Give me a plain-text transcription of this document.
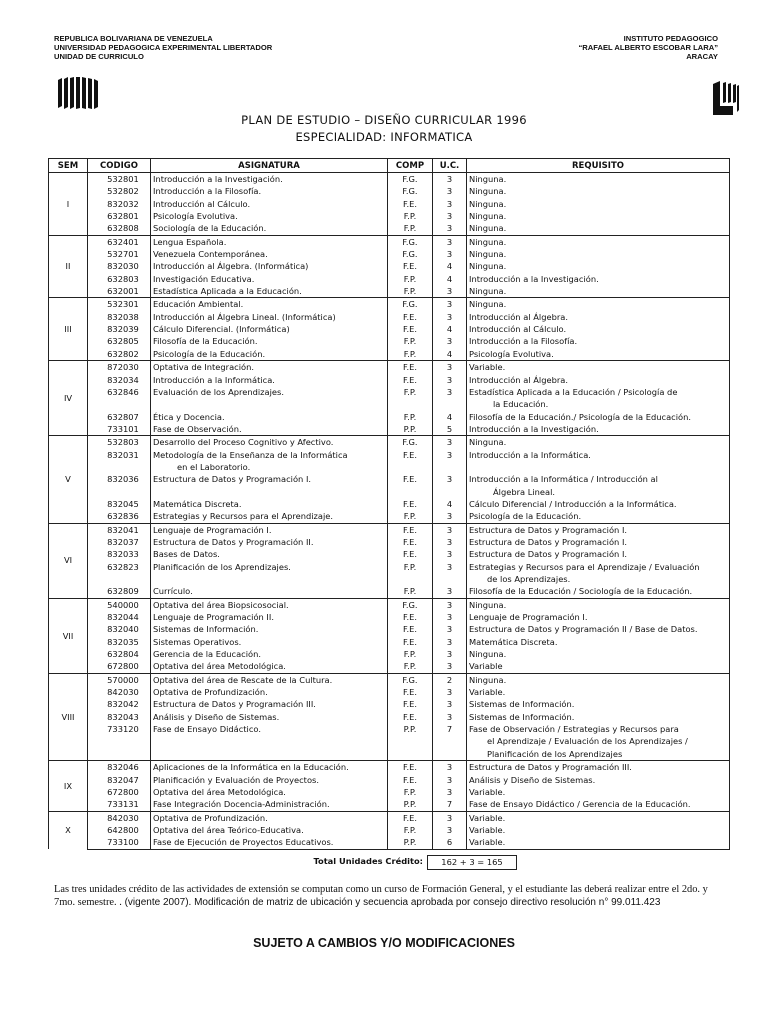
REPUBLICA BOLIVARIANA DE VENEZUELA
UNIVERSIDAD PEDAGOGICA EXPERIMENTAL LIBERTADOR
UNIDAD DE CURRICULO
INSTITUTO PEDAGOGICO
“RAFAEL ALBERTO ESCOBAR LARA”
ARACAY
PLAN DE ESTUDIO – DISEÑO CURRICULAR 1996
ESPECIALIDAD: INFORMATICA
SEM	CODIGO	ASIGNATURA	COMP	U.C.	REQUISITO
I	532801	Introducción a la Investigación.	F.G.	3	Ninguna.
	532802	Introducción a la Filosofía.	F.G.	3	Ninguna.
	832032	Introducción al Cálculo.	F.E.	3	Ninguna.
	632801	Psicología Evolutiva.	F.P.	3	Ninguna.
	632808	Sociología de la Educación.	F.P.	3	Ninguna.
II	632401	Lengua Española.	F.G.	3	Ninguna.
	532701	Venezuela Contemporánea.	F.G.	3	Ninguna.
	832030	Introducción al Álgebra. (Informática)	F.E.	4	Ninguna.
	632803	Investigación Educativa.	F.P.	4	Introducción a la Investigación.
	632001	Estadística Aplicada a la Educación.	F.P.	3	Ninguna.
III	532301	Educación Ambiental.	F.G.	3	Ninguna.
	832038	Introducción al Álgebra Lineal. (Informática)	F.E.	3	Introducción al Álgebra.
	832039	Cálculo Diferencial. (Informática)	F.E.	4	Introducción al Cálculo.
	632805	Filosofía de la Educación.	F.P.	3	Introducción a la Filosofía.
	632802	Psicología de la Educación.	F.P.	4	Psicología Evolutiva.
IV	872030	Optativa de Integración.	F.E.	3	Variable.
	832034	Introducción a la Informática.	F.E.	3	Introducción al Álgebra.
	632846	Evaluación de los Aprendizajes.	F.P.	3	Estadística Aplicada a la Educación / Psicología de
					la Educación.
	632807	Ética y Docencia.	F.P.	4	Filosofía de la Educación./ Psicología de la Educación.
	733101	Fase de Observación.	P.P.	5	Introducción a la Investigación.
V	532803	Desarrollo del Proceso Cognitivo y Afectivo.	F.G.	3	Ninguna.
	832031	Metodología de la Enseñanza de la Informática	F.E.	3	Introducción a la Informática.
		en el Laboratorio.			
	832036	Estructura de Datos y Programación I.	F.E.	3	Introducción a la Informática / Introducción al
					Álgebra Lineal.
	832045	Matemática Discreta.	F.E.	4	Cálculo Diferencial / Introducción a la Informática.
	632836	Estrategias y Recursos para el Aprendizaje.	F.P.	3	Psicología de la Educación.
VI	832041	Lenguaje de Programación I.	F.E.	3	Estructura de Datos y Programación I.
	832037	Estructura de Datos y Programación II.	F.E.	3	Estructura de Datos y Programación I.
	832033	Bases de Datos.	F.E.	3	Estructura de Datos y Programación I.
	632823	Planificación de los Aprendizajes.	F.P.	3	Estrategias y Recursos para el Aprendizaje / Evaluación
					de los Aprendizajes.
	632809	Currículo.	F.P.	3	Filosofía de la Educación / Sociología de la Educación.
VII	540000	Optativa del área Biopsicosocial.	F.G.	3	Ninguna.
	832044	Lenguaje de Programación II.	F.E.	3	Lenguaje de Programación I.
	832040	Sistemas de Información.	F.E.	3	Estructura de Datos y Programación II / Base de Datos.
	832035	Sistemas Operativos.	F.E.	3	Matemática Discreta.
	632804	Gerencia de la Educación.	F.P.	3	Ninguna.
	672800	Optativa del área Metodológica.	F.P.	3	Variable
VIII	570000	Optativa del área de Rescate de la Cultura.	F.G.	2	Ninguna.
	842030	Optativa de Profundización.	F.E.	3	Variable.
	832042	Estructura de Datos y Programación III.	F.E.	3	Sistemas de Información.
	832043	Análisis y Diseño de Sistemas.	F.E.	3	Sistemas de Información.
	733120	Fase de Ensayo Didáctico.	P.P.	7	Fase de Observación / Estrategias y Recursos para
					el Aprendizaje / Evaluación de los Aprendizajes /
					Planificación de los Aprendizajes
IX	832046	Aplicaciones de la Informática en la Educación.	F.E.	3	Estructura de Datos y Programación III.
	832047	Planificación y Evaluación de Proyectos.	F.E.	3	Análisis y Diseño de Sistemas.
	672800	Optativa del área Metodológica.	F.P.	3	Variable.
	733131	Fase Integración Docencia-Administración.	P.P.	7	Fase de Ensayo Didáctico / Gerencia de la Educación.
X	842030	Optativa de Profundización.	F.E.	3	Variable.
	642800	Optativa del área Teórico-Educativa.	F.P.	3	Variable.
	733100	Fase de Ejecución de Proyectos Educativos.	P.P.	6	Variable.
Total Unidades Crédito:	162 + 3 = 165
Las tres unidades crédito de las actividades de extensión se computan como un curso de Formación General, y el estudiante las deberá realizar entre el 2do. y 7mo. semestre. . (vigente 2007). Modificación de matriz de ubicación y secuencia aprobada por consejo directivo resolución n° 99.011.423
SUJETO A CAMBIOS Y/O MODIFICACIONES
